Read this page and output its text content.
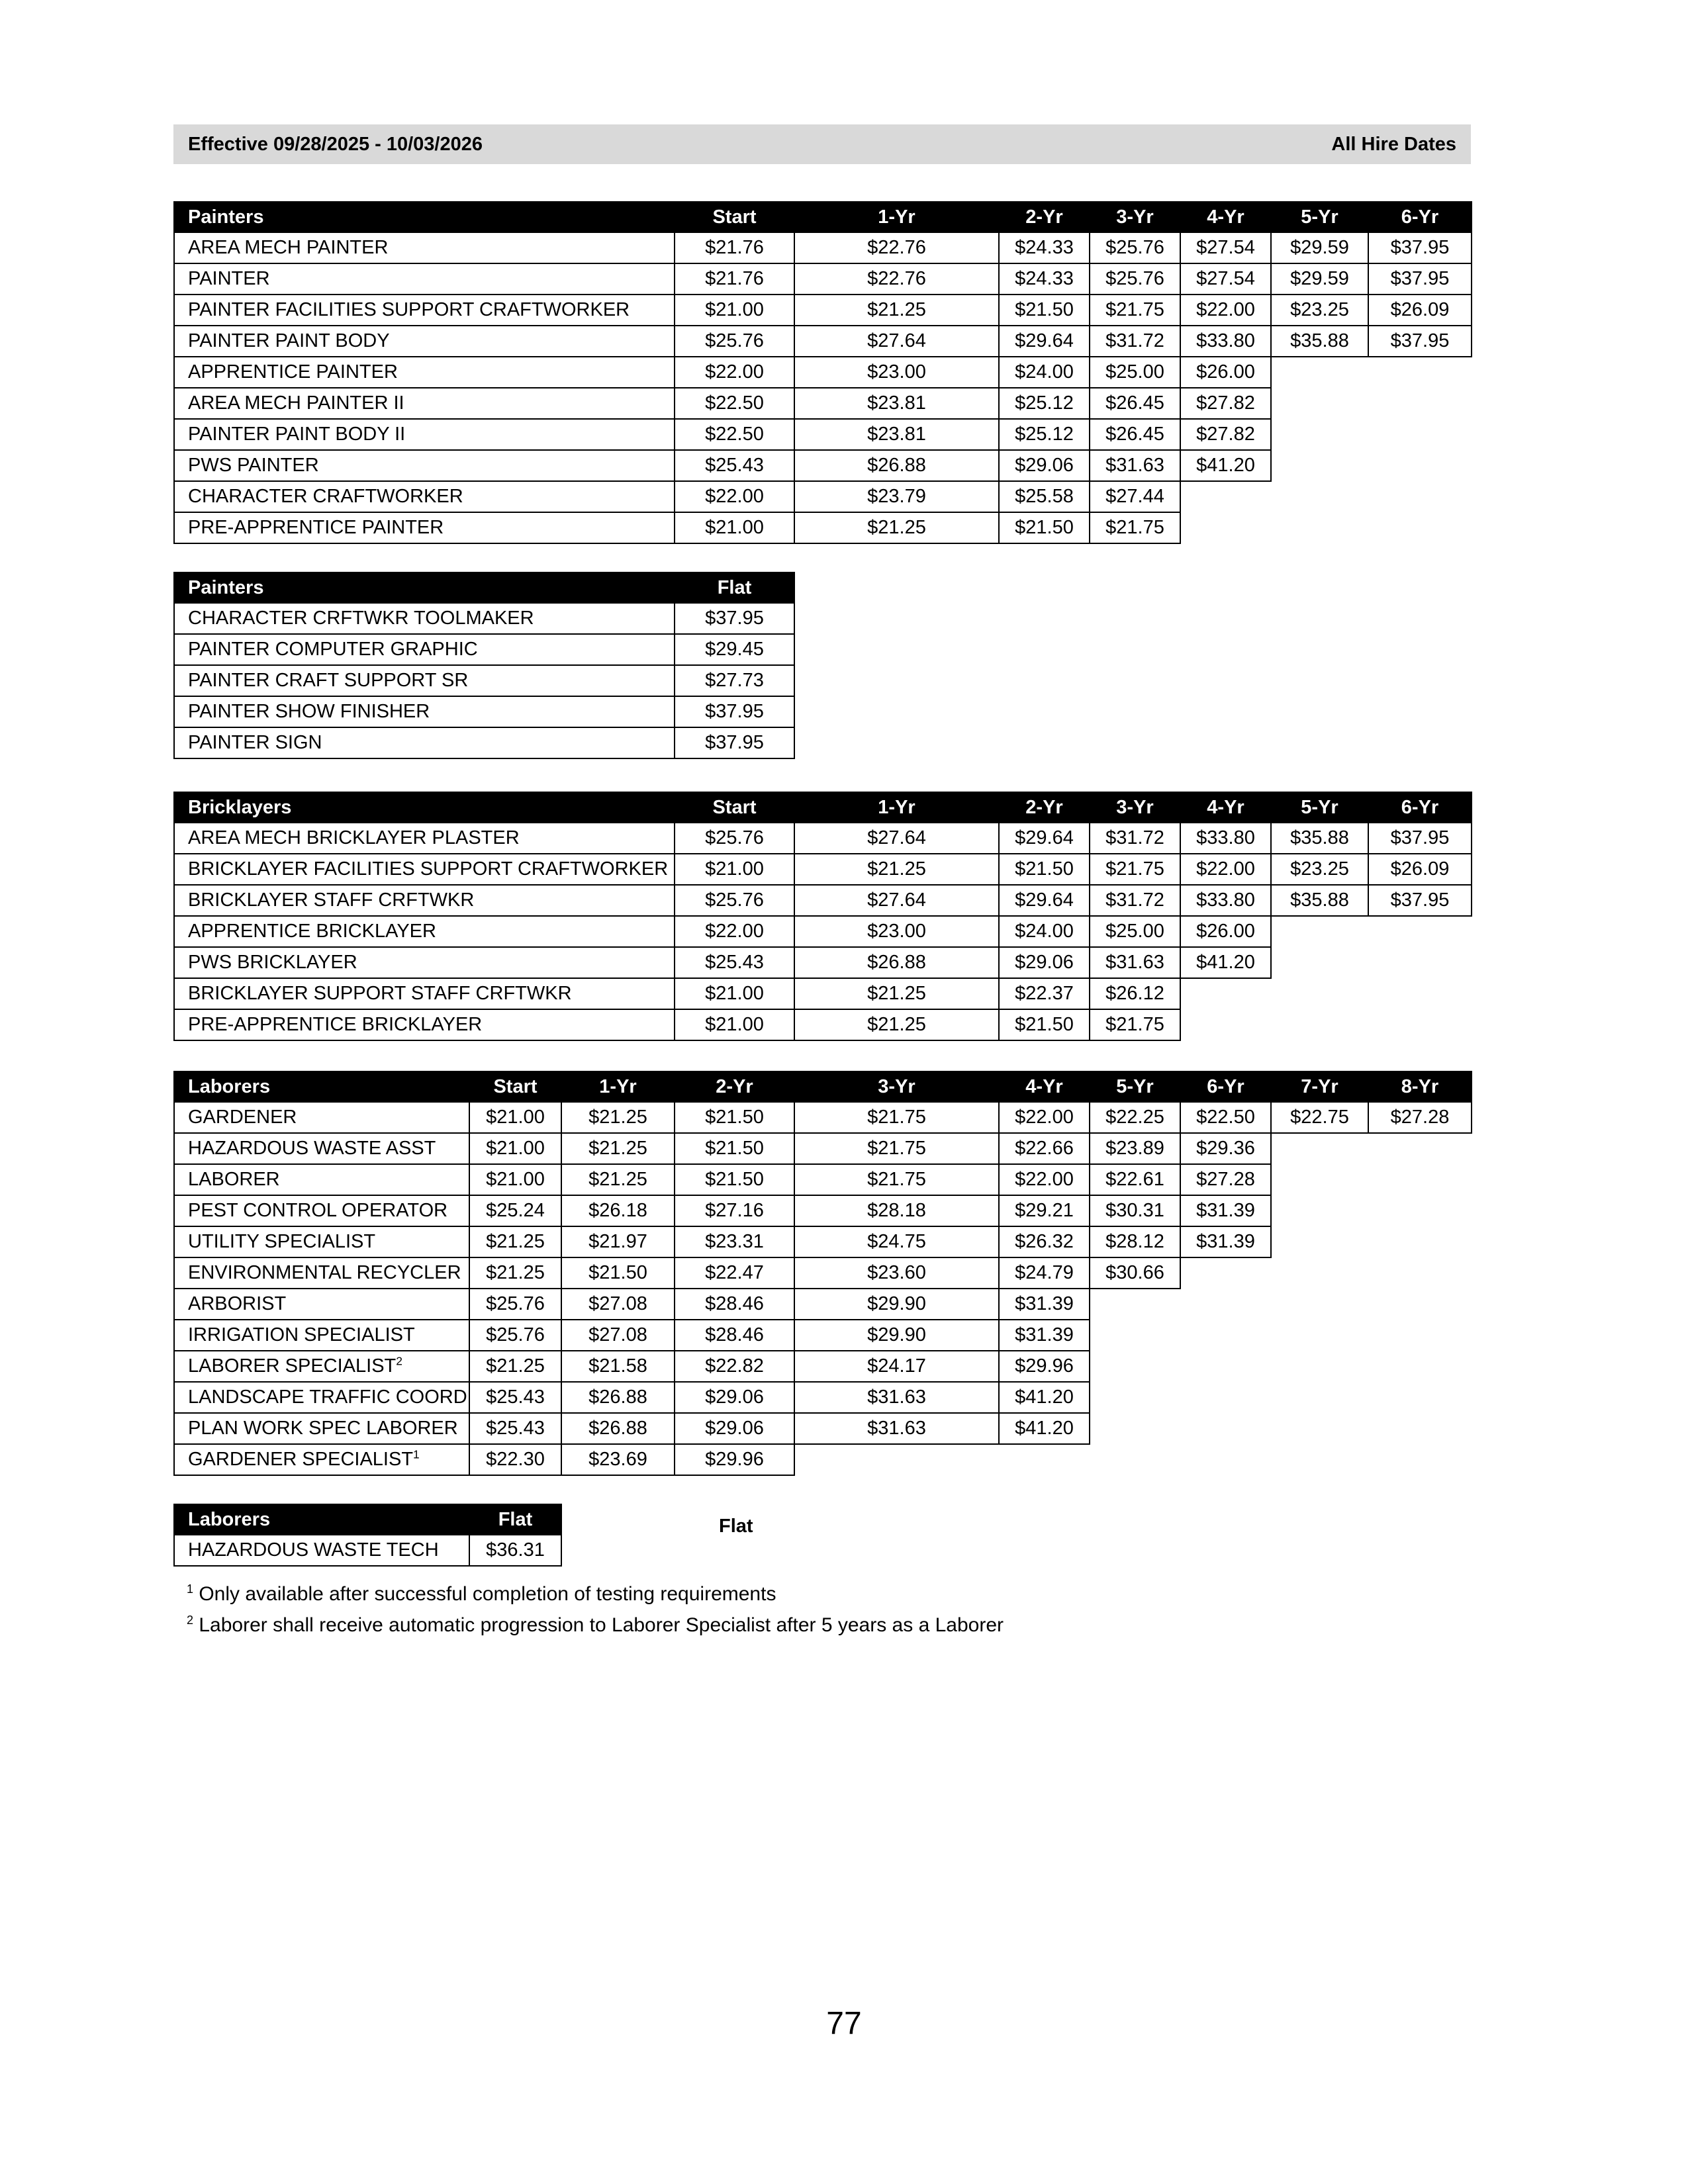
Effective 09/28/2025 - 10/03/2026	All Hire Dates
Painters	Start	1-Yr	2-Yr	3-Yr	4-Yr	5-Yr	6-Yr
AREA MECH PAINTER	$21.76	$22.76	$24.33	$25.76	$27.54	$29.59	$37.95
PAINTER	$21.76	$22.76	$24.33	$25.76	$27.54	$29.59	$37.95
PAINTER FACILITIES SUPPORT CRAFTWORKER	$21.00	$21.25	$21.50	$21.75	$22.00	$23.25	$26.09
PAINTER PAINT BODY	$25.76	$27.64	$29.64	$31.72	$33.80	$35.88	$37.95
APPRENTICE PAINTER	$22.00	$23.00	$24.00	$25.00	$26.00		
AREA MECH PAINTER II	$22.50	$23.81	$25.12	$26.45	$27.82		
PAINTER PAINT BODY II	$22.50	$23.81	$25.12	$26.45	$27.82		
PWS PAINTER	$25.43	$26.88	$29.06	$31.63	$41.20		
CHARACTER CRAFTWORKER	$22.00	$23.79	$25.58	$27.44			
PRE-APPRENTICE PAINTER	$21.00	$21.25	$21.50	$21.75			
Painters	Flat
CHARACTER CRFTWKR TOOLMAKER	$37.95
PAINTER COMPUTER GRAPHIC	$29.45
PAINTER CRAFT SUPPORT SR	$27.73
PAINTER SHOW FINISHER	$37.95
PAINTER SIGN	$37.95
Bricklayers	Start	1-Yr	2-Yr	3-Yr	4-Yr	5-Yr	6-Yr
AREA MECH BRICKLAYER PLASTER	$25.76	$27.64	$29.64	$31.72	$33.80	$35.88	$37.95
BRICKLAYER FACILITIES SUPPORT CRAFTWORKER	$21.00	$21.25	$21.50	$21.75	$22.00	$23.25	$26.09
BRICKLAYER STAFF CRFTWKR	$25.76	$27.64	$29.64	$31.72	$33.80	$35.88	$37.95
APPRENTICE BRICKLAYER	$22.00	$23.00	$24.00	$25.00	$26.00		
PWS BRICKLAYER	$25.43	$26.88	$29.06	$31.63	$41.20		
BRICKLAYER SUPPORT STAFF CRFTWKR	$21.00	$21.25	$22.37	$26.12			
PRE-APPRENTICE BRICKLAYER	$21.00	$21.25	$21.50	$21.75			
Laborers	Start	1-Yr	2-Yr	3-Yr	4-Yr	5-Yr	6-Yr	7-Yr	8-Yr
GARDENER	$21.00	$21.25	$21.50	$21.75	$22.00	$22.25	$22.50	$22.75	$27.28
HAZARDOUS WASTE ASST	$21.00	$21.25	$21.50	$21.75	$22.66	$23.89	$29.36		
LABORER	$21.00	$21.25	$21.50	$21.75	$22.00	$22.61	$27.28		
PEST CONTROL OPERATOR	$25.24	$26.18	$27.16	$28.18	$29.21	$30.31	$31.39		
UTILITY SPECIALIST	$21.25	$21.97	$23.31	$24.75	$26.32	$28.12	$31.39		
ENVIRONMENTAL RECYCLER	$21.25	$21.50	$22.47	$23.60	$24.79	$30.66			
ARBORIST	$25.76	$27.08	$28.46	$29.90	$31.39				
IRRIGATION SPECIALIST	$25.76	$27.08	$28.46	$29.90	$31.39				
LABORER SPECIALIST$^2$	$21.25	$21.58	$22.82	$24.17	$29.96				
LANDSCAPE TRAFFIC COORD	$25.43	$26.88	$29.06	$31.63	$41.20				
PLAN WORK SPEC LABORER	$25.43	$26.88	$29.06	$31.63	$41.20				
GARDENER SPECIALIST$^1$	$22.30	$23.69	$29.96						
Laborers	Flat
HAZARDOUS WASTE TECH	$36.31
Flat
$^1$ Only available after successful completion of testing requirements
$^2$ Laborer shall receive automatic progression to Laborer Specialist after 5 years as a Laborer
77
